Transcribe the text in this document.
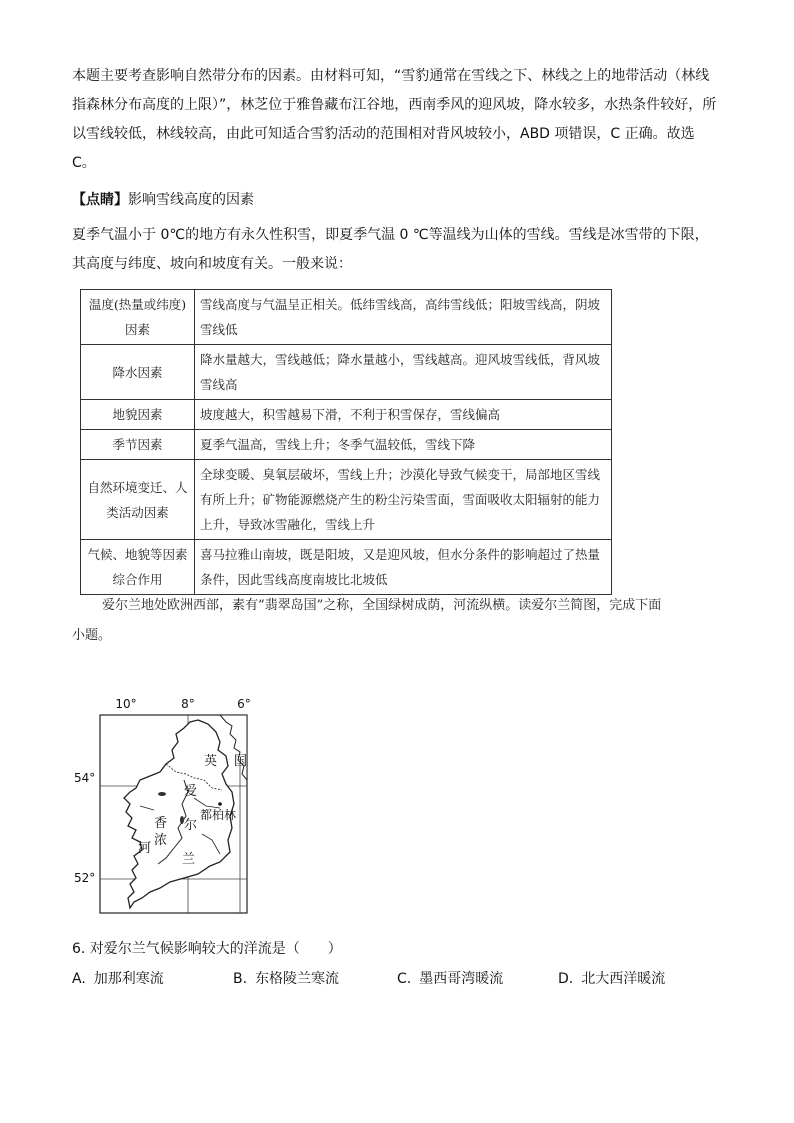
本题主要考查影响自然带分布的因素。由材料可知，“雪豹通常在雪线之下、林线之上的地带活动（林线指森林分布高度的上限）”，林芝位于雅鲁藏布江谷地，西南季风的迎风坡，降水较多，水热条件较好，所以雪线较低，林线较高，由此可知适合雪豹活动的范围相对背风坡较小，ABD 项错误，C 正确。故选 C。

【点睛】影响雪线高度的因素

夏季气温小于 0℃的地方有永久性积雪，即夏季气温 0 ℃等温线为山体的雪线。雪线是冰雪带的下限，其高度与纬度、坡向和坡度有关。一般来说：

温度(热量或纬度)因素	雪线高度与气温呈正相关。低纬雪线高，高纬雪线低；阳坡雪线高，阴坡雪线低
降水因素	降水量越大，雪线越低；降水量越小，雪线越高。迎风坡雪线低，背风坡雪线高
地貌因素	坡度越大，积雪越易下滑，不利于积雪保存，雪线偏高
季节因素	夏季气温高，雪线上升；冬季气温较低，雪线下降
自然环境变迁、人类活动因素	全球变暖、臭氧层破坏，雪线上升；沙漠化导致气候变干，局部地区雪线有所上升；矿物能源燃烧产生的粉尘污染雪面，雪面吸收太阳辐射的能力上升，导致冰雪融化，雪线上升
气候、地貌等因素综合作用	喜马拉雅山南坡，既是阳坡，又是迎风坡，但水分条件的影响超过了热量条件，因此雪线高度南坡比北坡低

爱尔兰地处欧洲西部，素有“翡翠岛国”之称，全国绿树成荫，河流纵横。读爱尔兰简图，完成下面

小题。

10°	8°	6°
54°
52°
英 国
爱
尔
兰
都柏林
香
浓
河
6. 对爱尔兰气候影响较大的洋流是（　　）
A. 加那利寒流	B. 东格陵兰寒流	C. 墨西哥湾暖流	D. 北大西洋暖流
